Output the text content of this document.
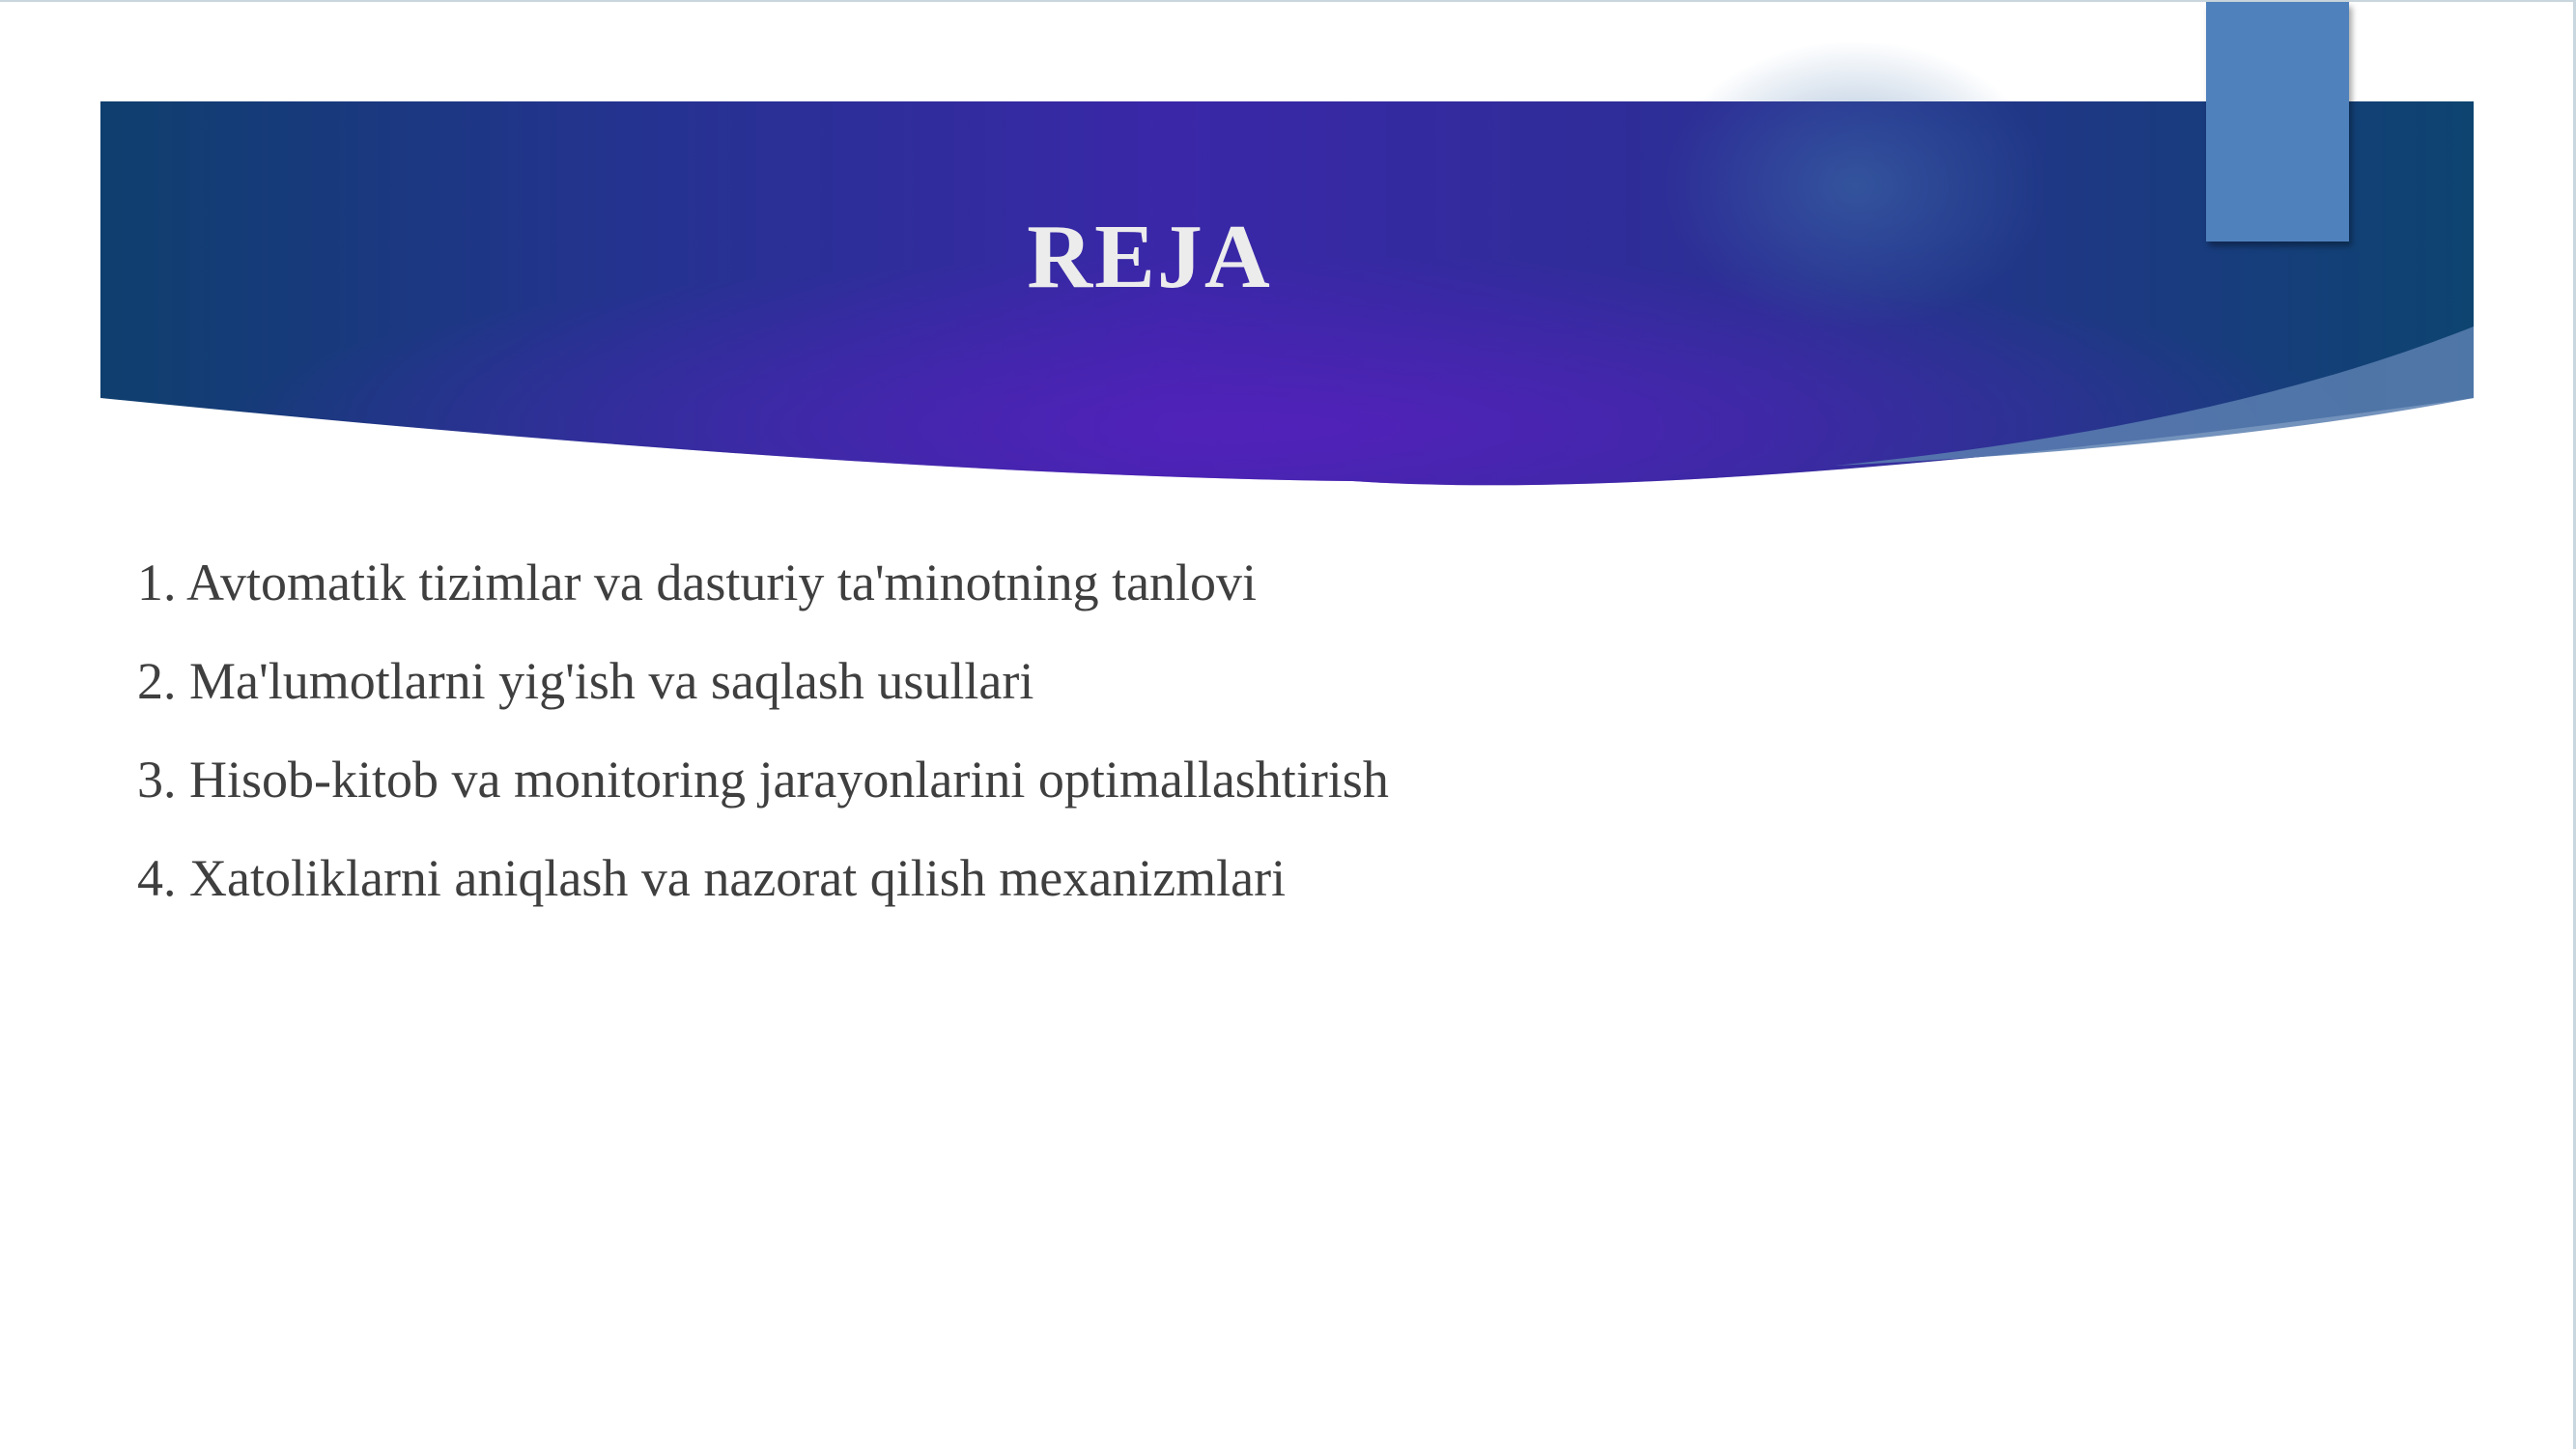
REJA
1. Avtomatik tizimlar va dasturiy ta'minotning tanlovi
2. Ma'lumotlarni yig'ish va saqlash usullari
3. Hisob-kitob va monitoring jarayonlarini optimallashtirish
4. Xatoliklarni aniqlash va nazorat qilish mexanizmlari
